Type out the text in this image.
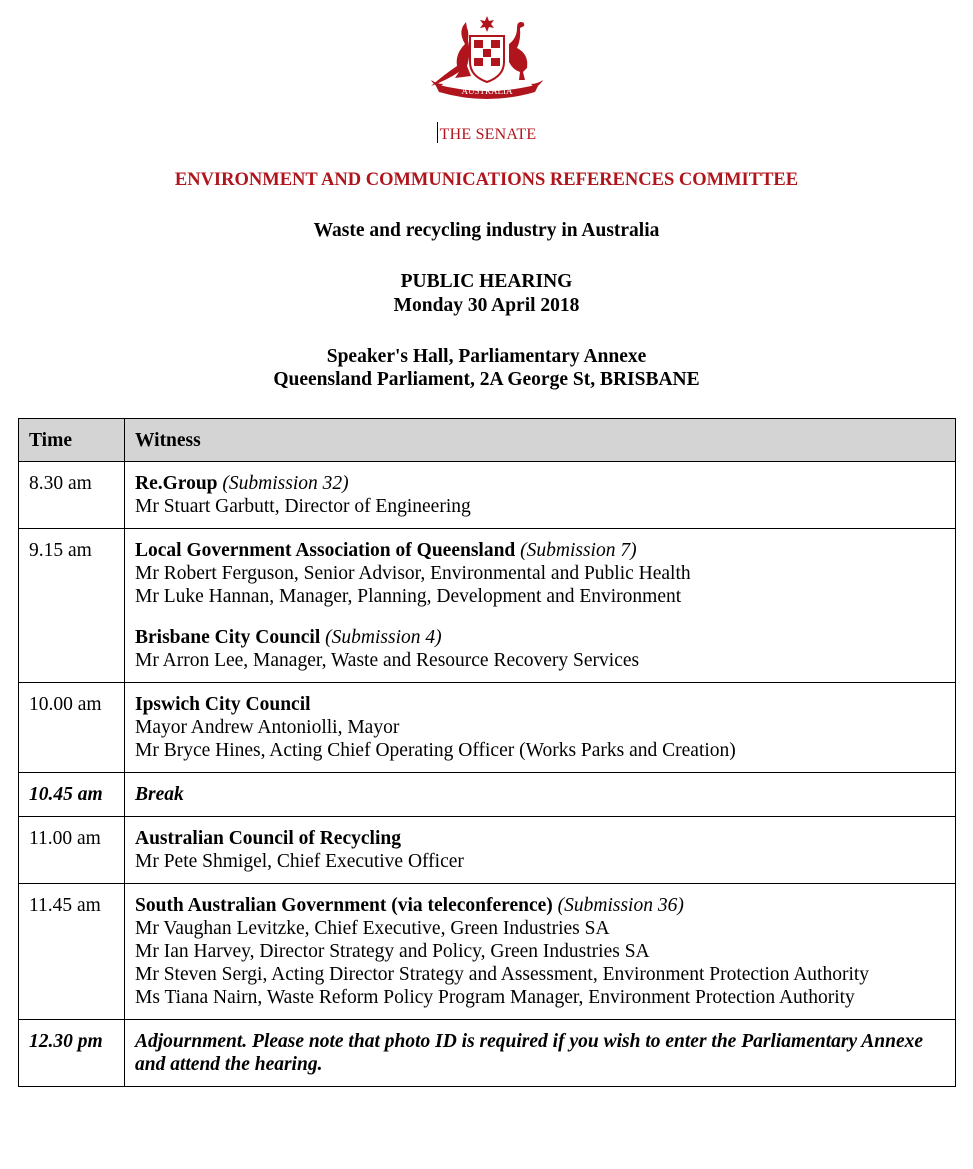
AUSTRALIA
THE SENATE
ENVIRONMENT AND COMMUNICATIONS REFERENCES COMMITTEE
Waste and recycling industry in Australia
PUBLIC HEARING
Monday 30 April 2018
Speaker's Hall, Parliamentary Annexe
Queensland Parliament, 2A George St, BRISBANE
Time	Witness
8.30 am	Re.Group (Submission 32)
Mr Stuart Garbutt, Director of Engineering

9.15 am	Local Government Association of Queensland (Submission 7)
Mr Robert Ferguson, Senior Advisor, Environmental and Public Health
Mr Luke Hannan, Manager, Planning, Development and Environment
Brisbane City Council (Submission 4)
Mr Arron Lee, Manager, Waste and Resource Recovery Services

10.00 am	Ipswich City Council
Mayor Andrew Antoniolli, Mayor
Mr Bryce Hines, Acting Chief Operating Officer (Works Parks and Creation)

10.45 am	Break
11.00 am	Australian Council of Recycling
Mr Pete Shmigel, Chief Executive Officer

11.45 am	South Australian Government (via teleconference) (Submission 36)
Mr Vaughan Levitzke, Chief Executive, Green Industries SA
Mr Ian Harvey, Director Strategy and Policy, Green Industries SA
Mr Steven Sergi, Acting Director Strategy and Assessment, Environment Protection Authority
Ms Tiana Nairn, Waste Reform Policy Program Manager, Environment Protection Authority

12.30 pm	Adjournment. Please note that photo ID is required if you wish to enter the Parliamentary Annexe and attend the hearing.
